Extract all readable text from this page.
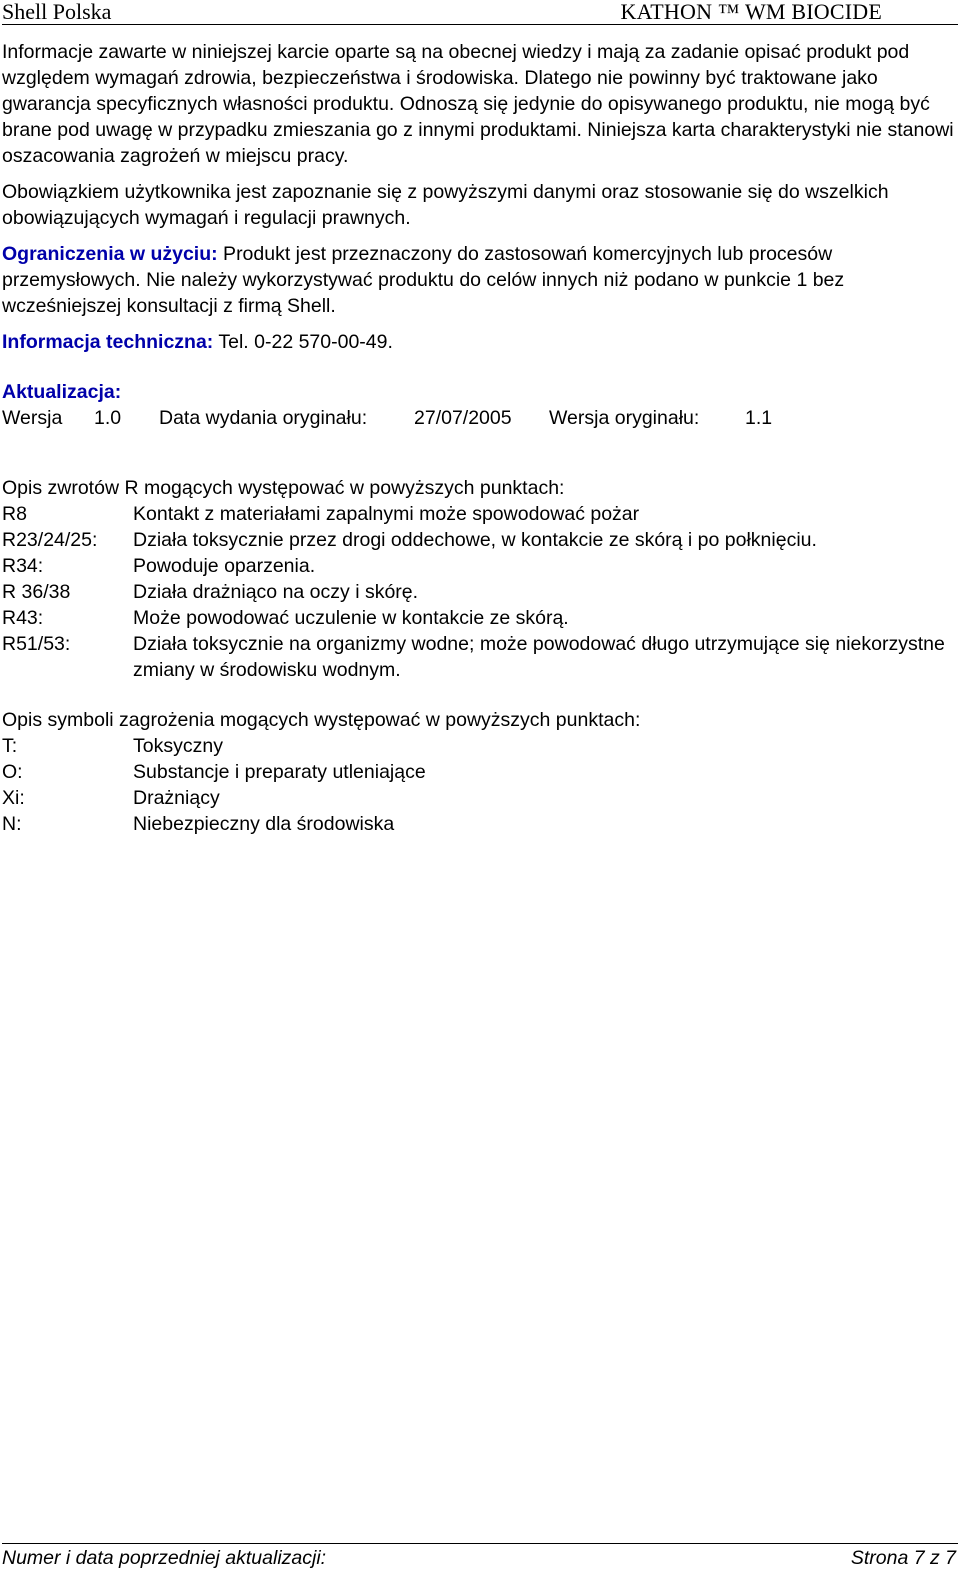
Shell Polska	KATHON ™ WM BIOCIDE

Informacje zawarte w niniejszej karcie oparte są na obecnej wiedzy i mają za zadanie opisać produkt pod względem wymagań zdrowia, bezpieczeństwa i środowiska. Dlatego nie powinny być traktowane jako gwarancja specyficznych własności produktu. Odnoszą się jedynie do opisywanego produktu, nie mogą być brane pod uwagę w przypadku zmieszania go z innymi produktami. Niniejsza karta charakterystyki nie stanowi oszacowania zagrożeń w miejscu pracy.

Obowiązkiem użytkownika jest zapoznanie się z powyższymi danymi oraz stosowanie się do wszelkich obowiązujących wymagań i regulacji prawnych.

Ograniczenia w użyciu: Produkt jest przeznaczony do zastosowań komercyjnych lub procesów przemysłowych. Nie należy wykorzystywać produktu do celów innych niż podano w punkcie 1 bez wcześniejszej konsultacji z firmą Shell.

Informacja techniczna: Tel. 0-22 570-00-49.

Aktualizacja:

Wersja 1.0 Data wydania oryginału: 27/07/2005 Wersja oryginału: 1.1

Opis zwrotów R mogących występować w powyższych punktach:

R8	Kontakt z materiałami zapalnymi może spowodować pożar
R23/24/25:	Działa toksycznie przez drogi oddechowe, w kontakcie ze skórą i po połknięciu.
R34:	Powoduje oparzenia.
R 36/38	Działa drażniąco na oczy i skórę.
R43:	Może powodować uczulenie w kontakcie ze skórą.
R51/53:	Działa toksycznie na organizmy wodne; może powodować długo utrzymujące się niekorzystne zmiany w środowisku wodnym.

Opis symboli zagrożenia mogących występować w powyższych punktach:

T:	Toksyczny
O:	Substancje i preparaty utleniające
Xi:	Drażniący
N:	Niebezpieczny dla środowiska
Numer i data poprzedniej aktualizacji:	Strona 7 z 7
